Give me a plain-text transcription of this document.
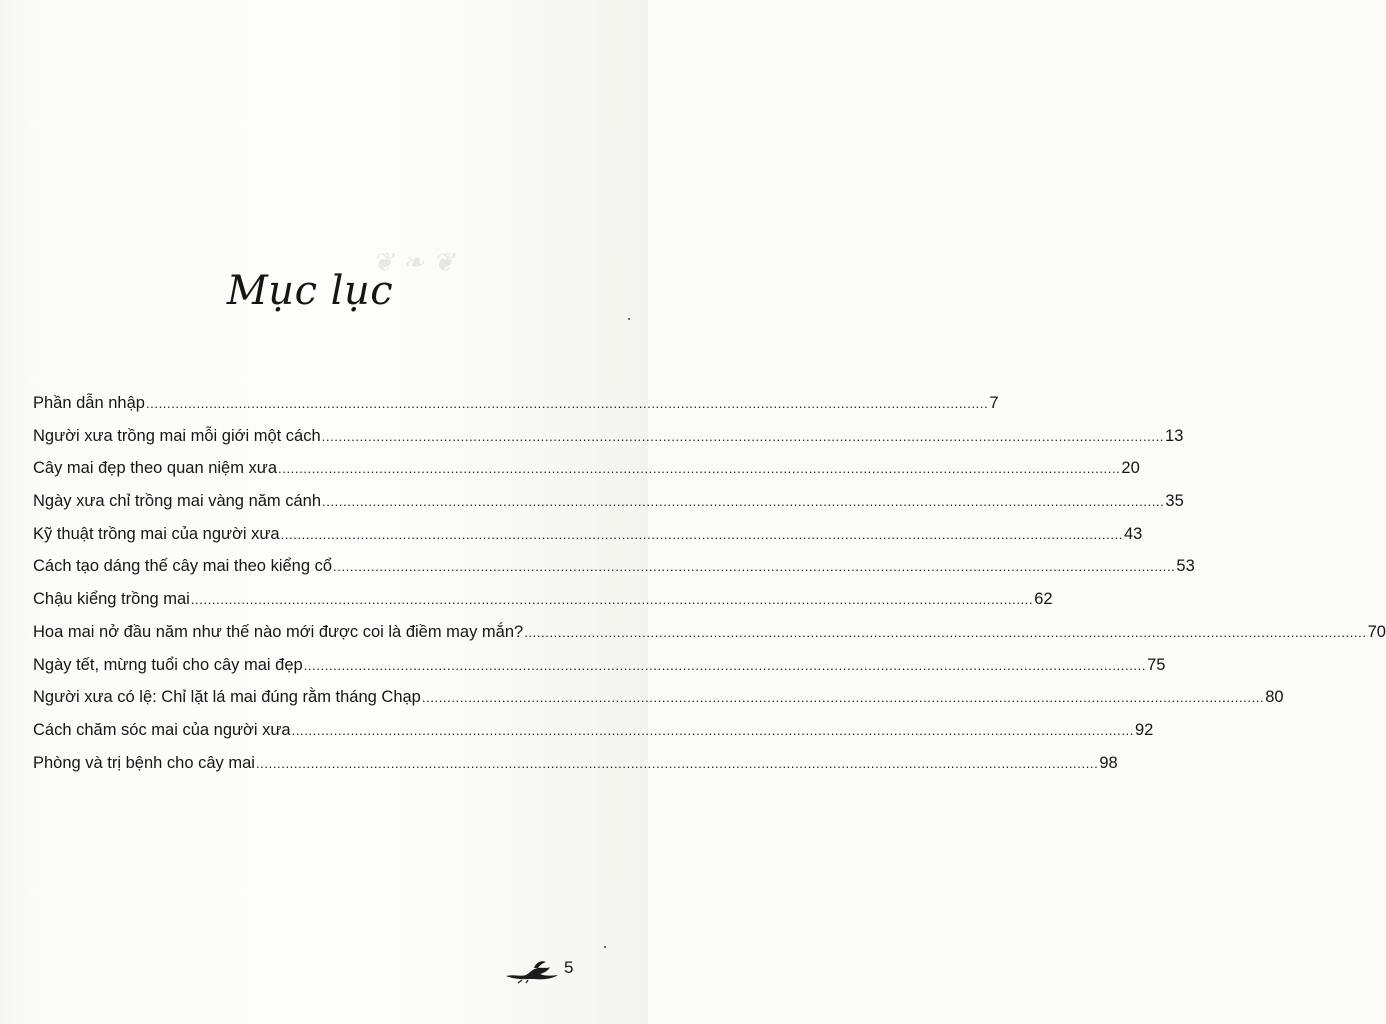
❦ ❧ ❦
Mục lục
Phần dẫn nhập ........................................................................................................................................................................................................ 7
Người xưa trồng mai mỗi giới một cách ........................................................................................................................................................................................................ 13
Cây mai đẹp theo quan niệm xưa ........................................................................................................................................................................................................ 20
Ngày xưa chỉ trồng mai vàng năm cánh ........................................................................................................................................................................................................ 35
Kỹ thuật trồng mai của người xưa ........................................................................................................................................................................................................ 43
Cách tạo dáng thế cây mai theo kiểng cổ ........................................................................................................................................................................................................ 53
Chậu kiểng trồng mai ........................................................................................................................................................................................................ 62
Hoa mai nở đầu năm như thế nào mới được coi là điềm may mắn? ........................................................................................................................................................................................................ 70
Ngày tết, mừng tuổi cho cây mai đẹp ........................................................................................................................................................................................................ 75
Người xưa có lệ: Chỉ lặt lá mai đúng rằm tháng Chạp ........................................................................................................................................................................................................ 80
Cách chăm sóc mai của người xưa ........................................................................................................................................................................................................ 92
Phòng và trị bệnh cho cây mai ........................................................................................................................................................................................................ 98
5
